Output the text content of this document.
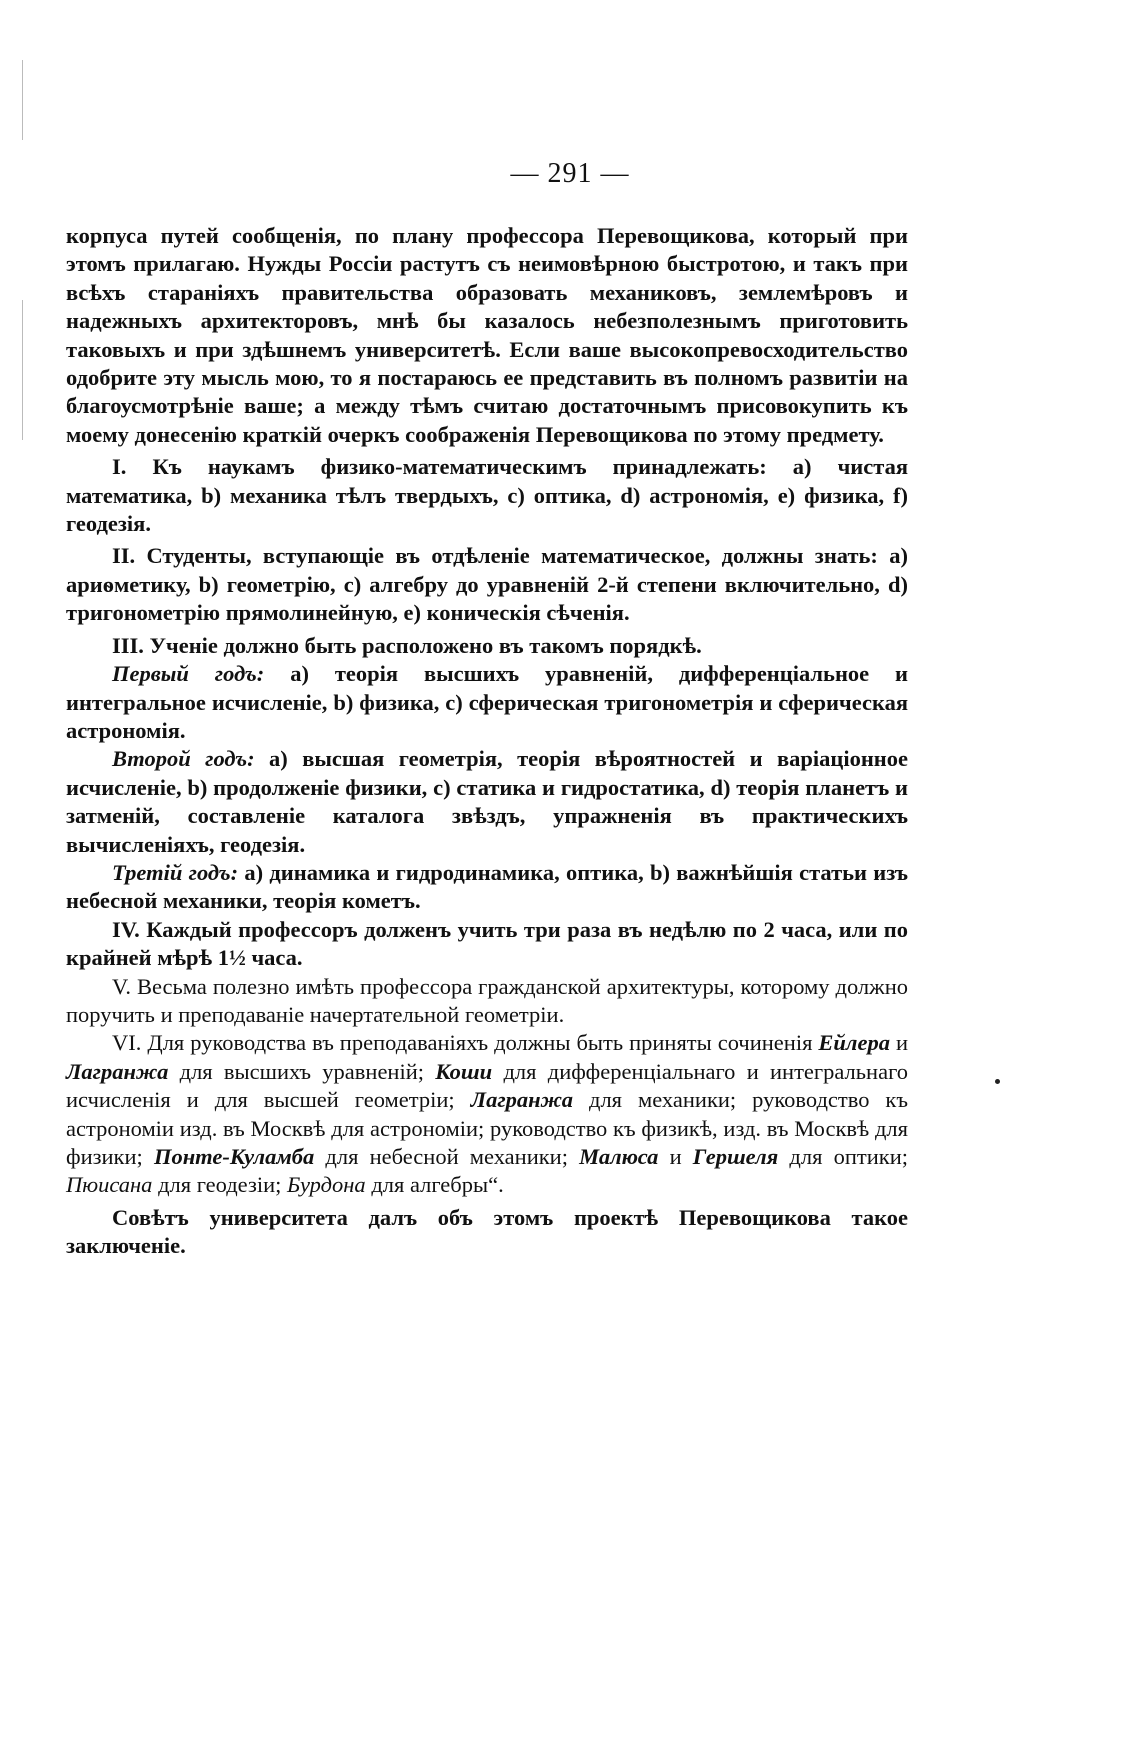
— 291 —

корпуса путей сообщенія, по плану профессора Перевощикова, который при этомъ прилагаю. Нужды Россіи растутъ съ неимовѣрною быстротою, и такъ при всѣхъ стараніяхъ правительства образовать механиковъ, землемѣровъ и надежныхъ архитекторовъ, мнѣ бы казалось небезполезнымъ приготовить таковыхъ и при здѣшнемъ университетѣ. Если ваше высокопревосходительство одобрите эту мысль мою, то я постараюсь ее представить въ полномъ развитіи на благоусмотрѣніе ваше; а между тѣмъ считаю достаточнымъ присовокупить къ моему донесенію краткій очеркъ соображенія Перевощикова по этому предмету.

I. Къ наукамъ физико-математическимъ принадлежать: а) чистая математика, b) механика тѣлъ твердыхъ, с) оптика, d) астрономія, е) физика, f) геодезія.

II. Студенты, вступающіе въ отдѣленіе математическое, должны знать: а) ариѳметику, b) геометрію, с) алгебру до уравненій 2-й степени включительно, d) тригонометрію прямолинейную, е) коническія сѣченія.

III. Ученіе должно быть расположено въ такомъ порядкѣ.

Первый годъ: а) теорія высшихъ уравненій, дифференціальное и интегральное исчисленіе, b) физика, с) сферическая тригонометрія и сферическая астрономія.

Второй годъ: а) высшая геометрія, теорія вѣроятностей и варіаціонное исчисленіе, b) продолженіе физики, с) статика и гидростатика, d) теорія планетъ и затменій, составленіе каталога звѣздъ, упражненія въ практическихъ вычисленіяхъ, геодезія.

Третій годъ: а) динамика и гидродинамика, оптика, b) важнѣйшія статьи изъ небесной механики, теорія кометъ.

IV. Каждый профессоръ долженъ учить три раза въ недѣлю по 2 часа, или по крайней мѣрѣ 1½ часа.

V. Весьма полезно имѣть профессора гражданской архитектуры, которому должно поручить и преподаваніе начертательной геометріи.

VI. Для руководства въ преподаваніяхъ должны быть приняты сочиненія Ейлера и Лагранжа для высшихъ уравненій; Коши для дифференціальнаго и интегральнаго исчисленія и для высшей геометріи; Лагранжа для механики; руководство къ астрономіи изд. въ Москвѣ для астрономіи; руководство къ физикѣ, изд. въ Москвѣ для физики; Понте-Куламба для небесной механики; Малюса и Гершеля для оптики; Пюисана для геодезіи; Бурдона для алгебры“.

Совѣтъ университета далъ объ этомъ проектѣ Перевощикова такое заключеніе.
